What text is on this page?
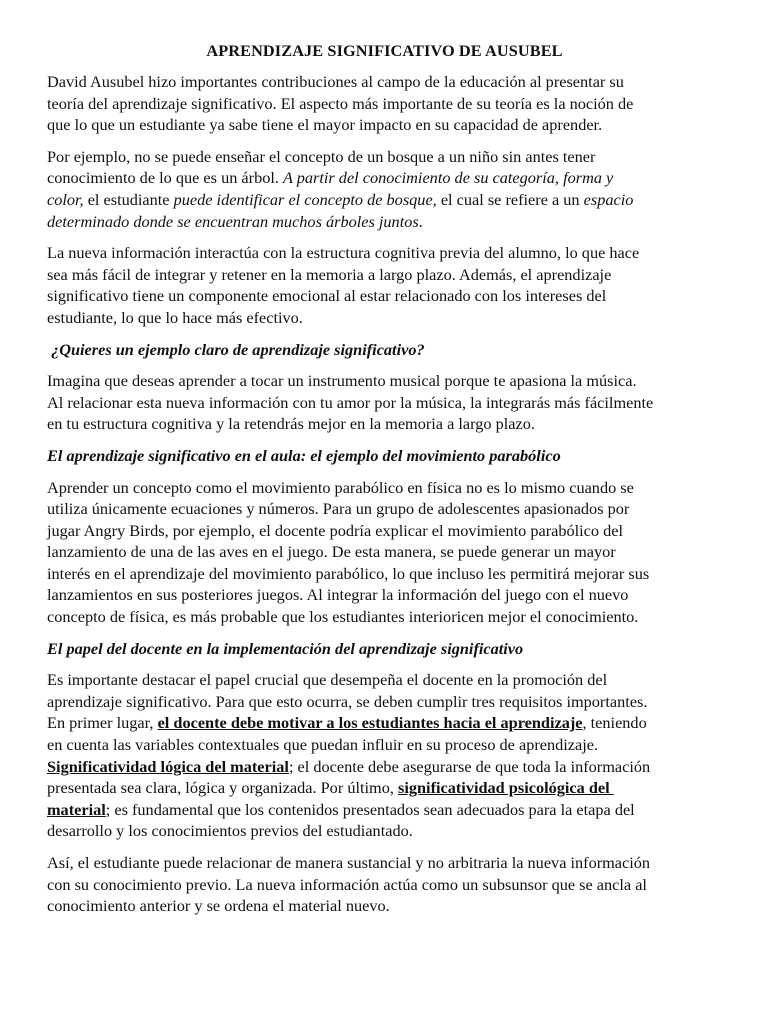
APRENDIZAJE SIGNIFICATIVO DE AUSUBEL
David Ausubel hizo importantes contribuciones al campo de la educación al presentar su
teoría del aprendizaje significativo. El aspecto más importante de su teoría es la noción de
que lo que un estudiante ya sabe tiene el mayor impacto en su capacidad de aprender.
Por ejemplo, no se puede enseñar el concepto de un bosque a un niño sin antes tener
conocimiento de lo que es un árbol. A partir del conocimiento de su categoría, forma y
color, el estudiante puede identificar el concepto de bosque, el cual se refiere a un espacio
determinado donde se encuentran muchos árboles juntos.
La nueva información interactúa con la estructura cognitiva previa del alumno, lo que hace
sea más fácil de integrar y retener en la memoria a largo plazo. Además, el aprendizaje
significativo tiene un componente emocional al estar relacionado con los intereses del
estudiante, lo que lo hace más efectivo.
¿Quieres un ejemplo claro de aprendizaje significativo?
Imagina que deseas aprender a tocar un instrumento musical porque te apasiona la música.
Al relacionar esta nueva información con tu amor por la música, la integrarás más fácilmente
en tu estructura cognitiva y la retendrás mejor en la memoria a largo plazo.
El aprendizaje significativo en el aula: el ejemplo del movimiento parabólico
Aprender un concepto como el movimiento parabólico en física no es lo mismo cuando se
utiliza únicamente ecuaciones y números. Para un grupo de adolescentes apasionados por
jugar Angry Birds, por ejemplo, el docente podría explicar el movimiento parabólico del
lanzamiento de una de las aves en el juego. De esta manera, se puede generar un mayor
interés en el aprendizaje del movimiento parabólico, lo que incluso les permitirá mejorar sus
lanzamientos en sus posteriores juegos. Al integrar la información del juego con el nuevo
concepto de física, es más probable que los estudiantes interioricen mejor el conocimiento.
El papel del docente en la implementación del aprendizaje significativo
Es importante destacar el papel crucial que desempeña el docente en la promoción del
aprendizaje significativo. Para que esto ocurra, se deben cumplir tres requisitos importantes.
En primer lugar, el docente debe motivar a los estudiantes hacia el aprendizaje, teniendo
en cuenta las variables contextuales que puedan influir en su proceso de aprendizaje.
Significatividad lógica del material; el docente debe asegurarse de que toda la información
presentada sea clara, lógica y organizada. Por último, significatividad psicológica del
material; es fundamental que los contenidos presentados sean adecuados para la etapa del
desarrollo y los conocimientos previos del estudiantado.
Así, el estudiante puede relacionar de manera sustancial y no arbitraria la nueva información
con su conocimiento previo. La nueva información actúa como un subsunsor que se ancla al
conocimiento anterior y se ordena el material nuevo.
